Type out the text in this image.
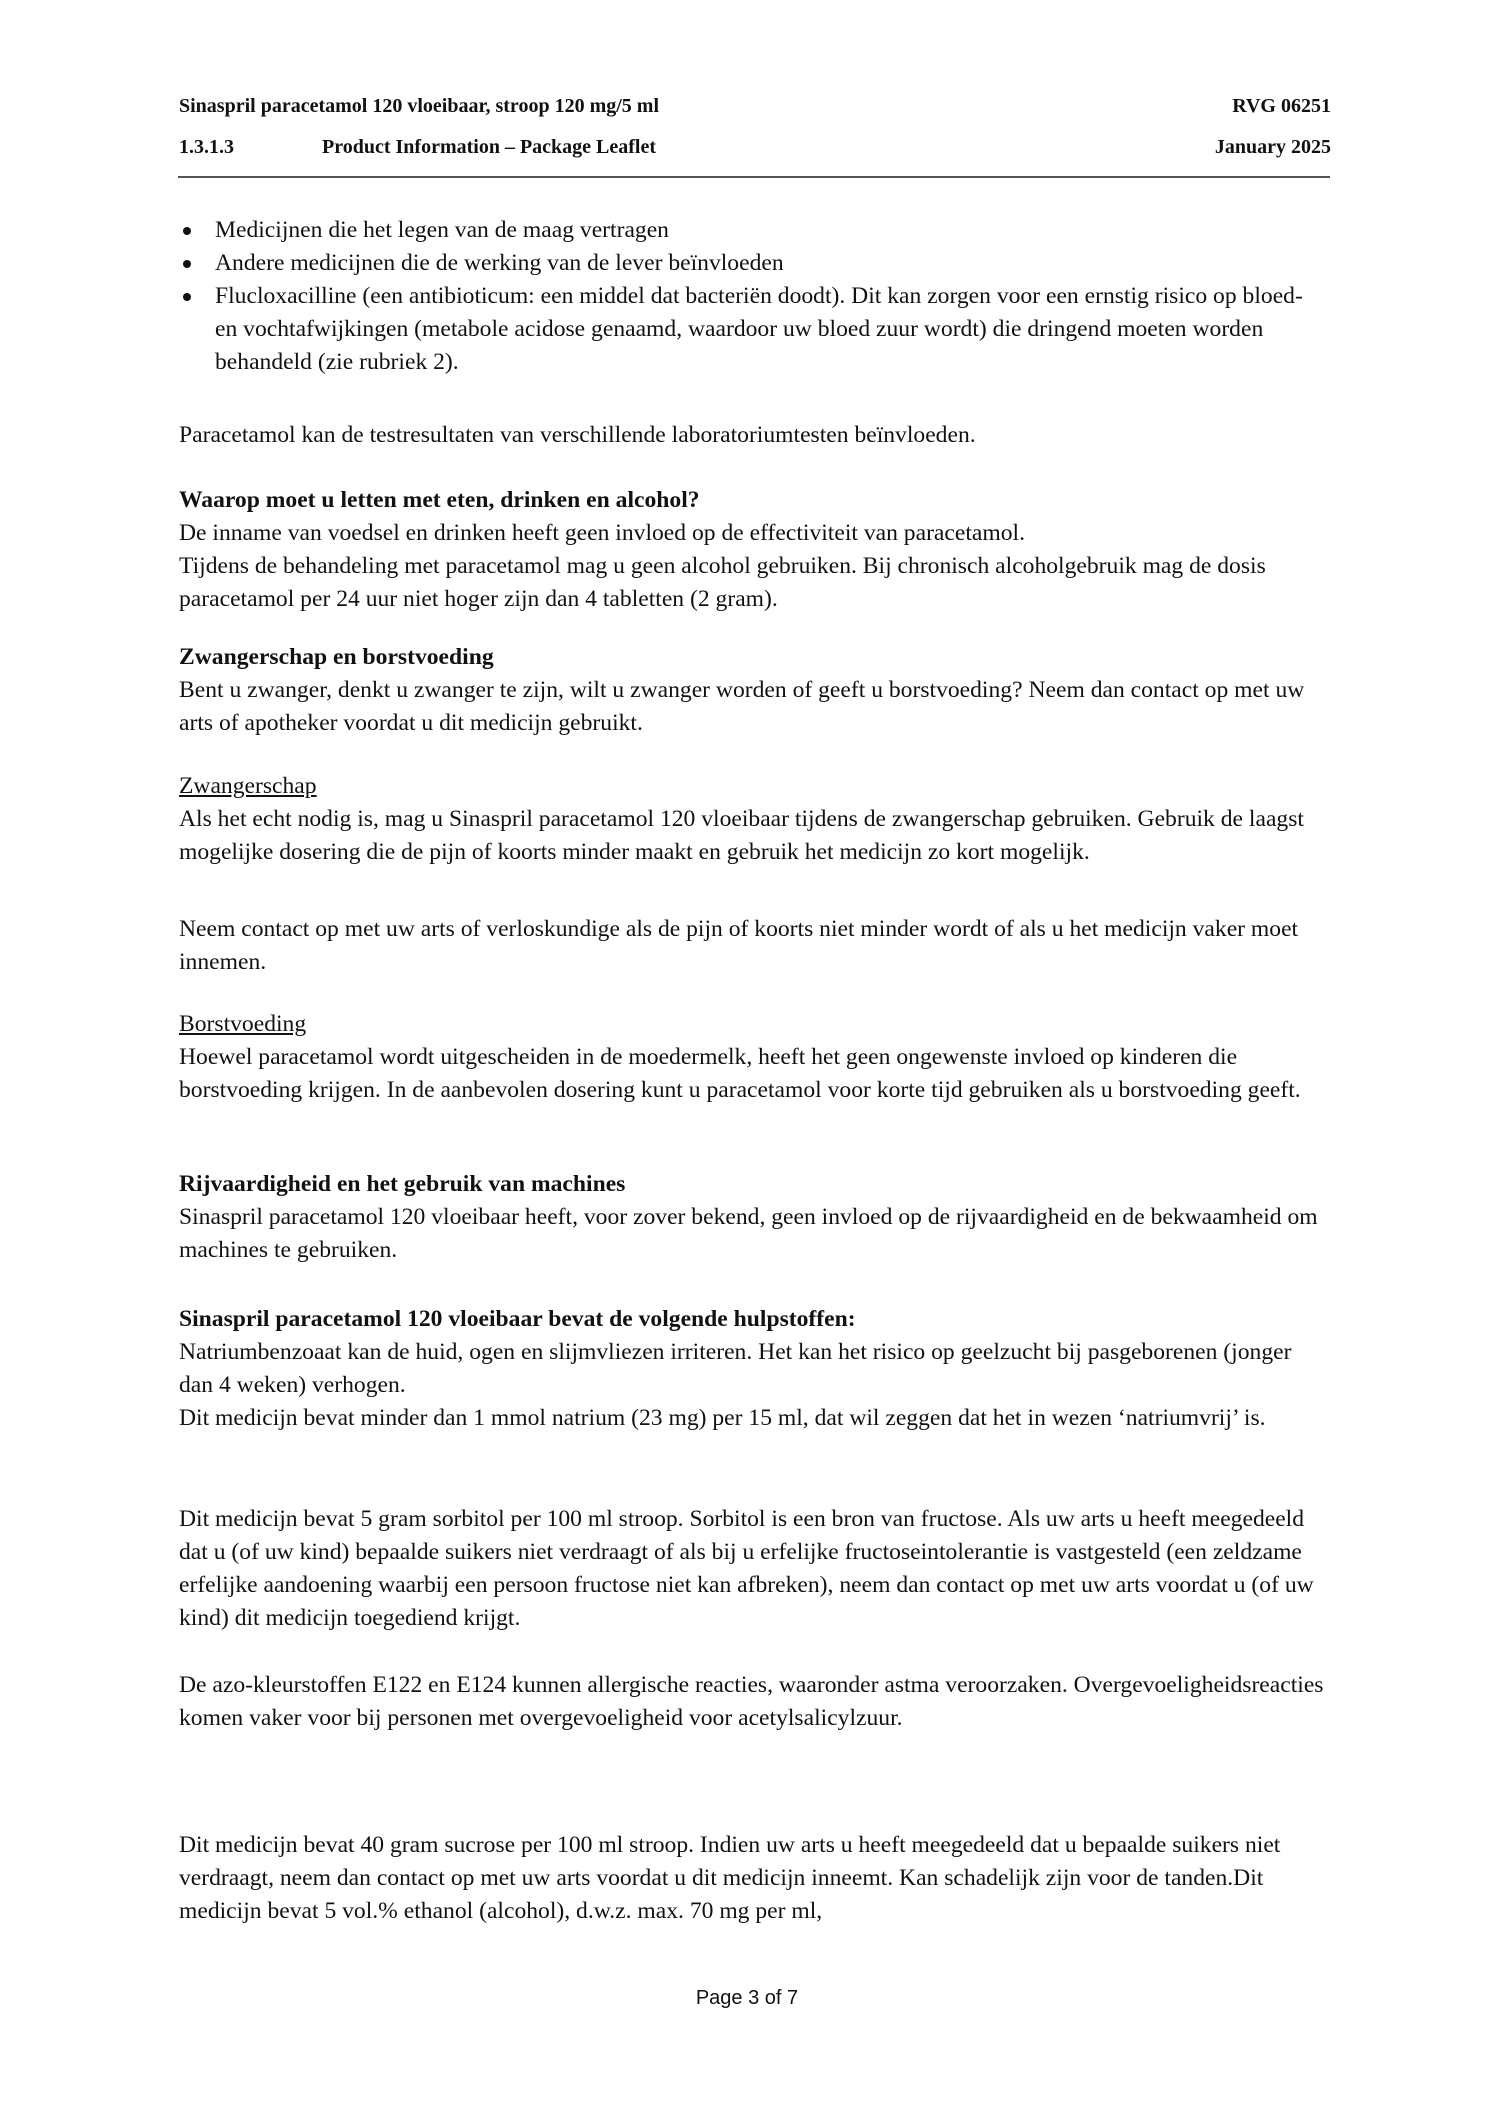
Sinaspril paracetamol 120 vloeibaar, stroop 120 mg/5 ml	RVG 06251
1.3.1.3	Product Information – Package Leaflet	January 2025
Medicijnen die het legen van de maag vertragen
Andere medicijnen die de werking van de lever beïnvloeden
Flucloxacilline (een antibioticum: een middel dat bacteriën doodt). Dit kan zorgen voor een ernstig risico op bloed- en vochtafwijkingen (metabole acidose genaamd, waardoor uw bloed zuur wordt) die dringend moeten worden behandeld (zie rubriek 2).

Paracetamol kan de testresultaten van verschillende laboratoriumtesten beïnvloeden.

Waarop moet u letten met eten, drinken en alcohol?

De inname van voedsel en drinken heeft geen invloed op de effectiviteit van paracetamol.

Tijdens de behandeling met paracetamol mag u geen alcohol gebruiken. Bij chronisch alcoholgebruik mag de dosis paracetamol per 24 uur niet hoger zijn dan 4 tabletten (2 gram).

Zwangerschap en borstvoeding

Bent u zwanger, denkt u zwanger te zijn, wilt u zwanger worden of geeft u borstvoeding? Neem dan contact op met uw arts of apotheker voordat u dit medicijn gebruikt.

Zwangerschap

Als het echt nodig is, mag u Sinaspril paracetamol 120 vloeibaar tijdens de zwangerschap gebruiken. Gebruik de laagst mogelijke dosering die de pijn of koorts minder maakt en gebruik het medicijn zo kort mogelijk.

Neem contact op met uw arts of verloskundige als de pijn of koorts niet minder wordt of als u het medicijn vaker moet innemen.

Borstvoeding

Hoewel paracetamol wordt uitgescheiden in de moedermelk, heeft het geen ongewenste invloed op kinderen die borstvoeding krijgen. In de aanbevolen dosering kunt u paracetamol voor korte tijd gebruiken als u borstvoeding geeft.

Rijvaardigheid en het gebruik van machines

Sinaspril paracetamol 120 vloeibaar heeft, voor zover bekend, geen invloed op de rijvaardigheid en de bekwaamheid om machines te gebruiken.

Sinaspril paracetamol 120 vloeibaar bevat de volgende hulpstoffen:

Natriumbenzoaat kan de huid, ogen en slijmvliezen irriteren. Het kan het risico op geelzucht bij pasgeborenen (jonger dan 4 weken) verhogen.

Dit medicijn bevat minder dan 1 mmol natrium (23 mg) per 15 ml, dat wil zeggen dat het in wezen ‘natriumvrij’ is.

Dit medicijn bevat 5 gram sorbitol per 100 ml stroop. Sorbitol is een bron van fructose. Als uw arts u heeft meegedeeld dat u (of uw kind) bepaalde suikers niet verdraagt of als bij u erfelijke fructoseintolerantie is vastgesteld (een zeldzame erfelijke aandoening waarbij een persoon fructose niet kan afbreken), neem dan contact op met uw arts voordat u (of uw kind) dit medicijn toegediend krijgt.

De azo-kleurstoffen E122 en E124 kunnen allergische reacties, waaronder astma veroorzaken. Overgevoeligheidsreacties komen vaker voor bij personen met overgevoeligheid voor acetylsalicylzuur.

Dit medicijn bevat 40 gram sucrose per 100 ml stroop. Indien uw arts u heeft meegedeeld dat u bepaalde suikers niet verdraagt, neem dan contact op met uw arts voordat u dit medicijn inneemt. Kan schadelijk zijn voor de tanden.Dit medicijn bevat 5 vol.% ethanol (alcohol), d.w.z. max. 70 mg per ml,

Page 3 of 7
